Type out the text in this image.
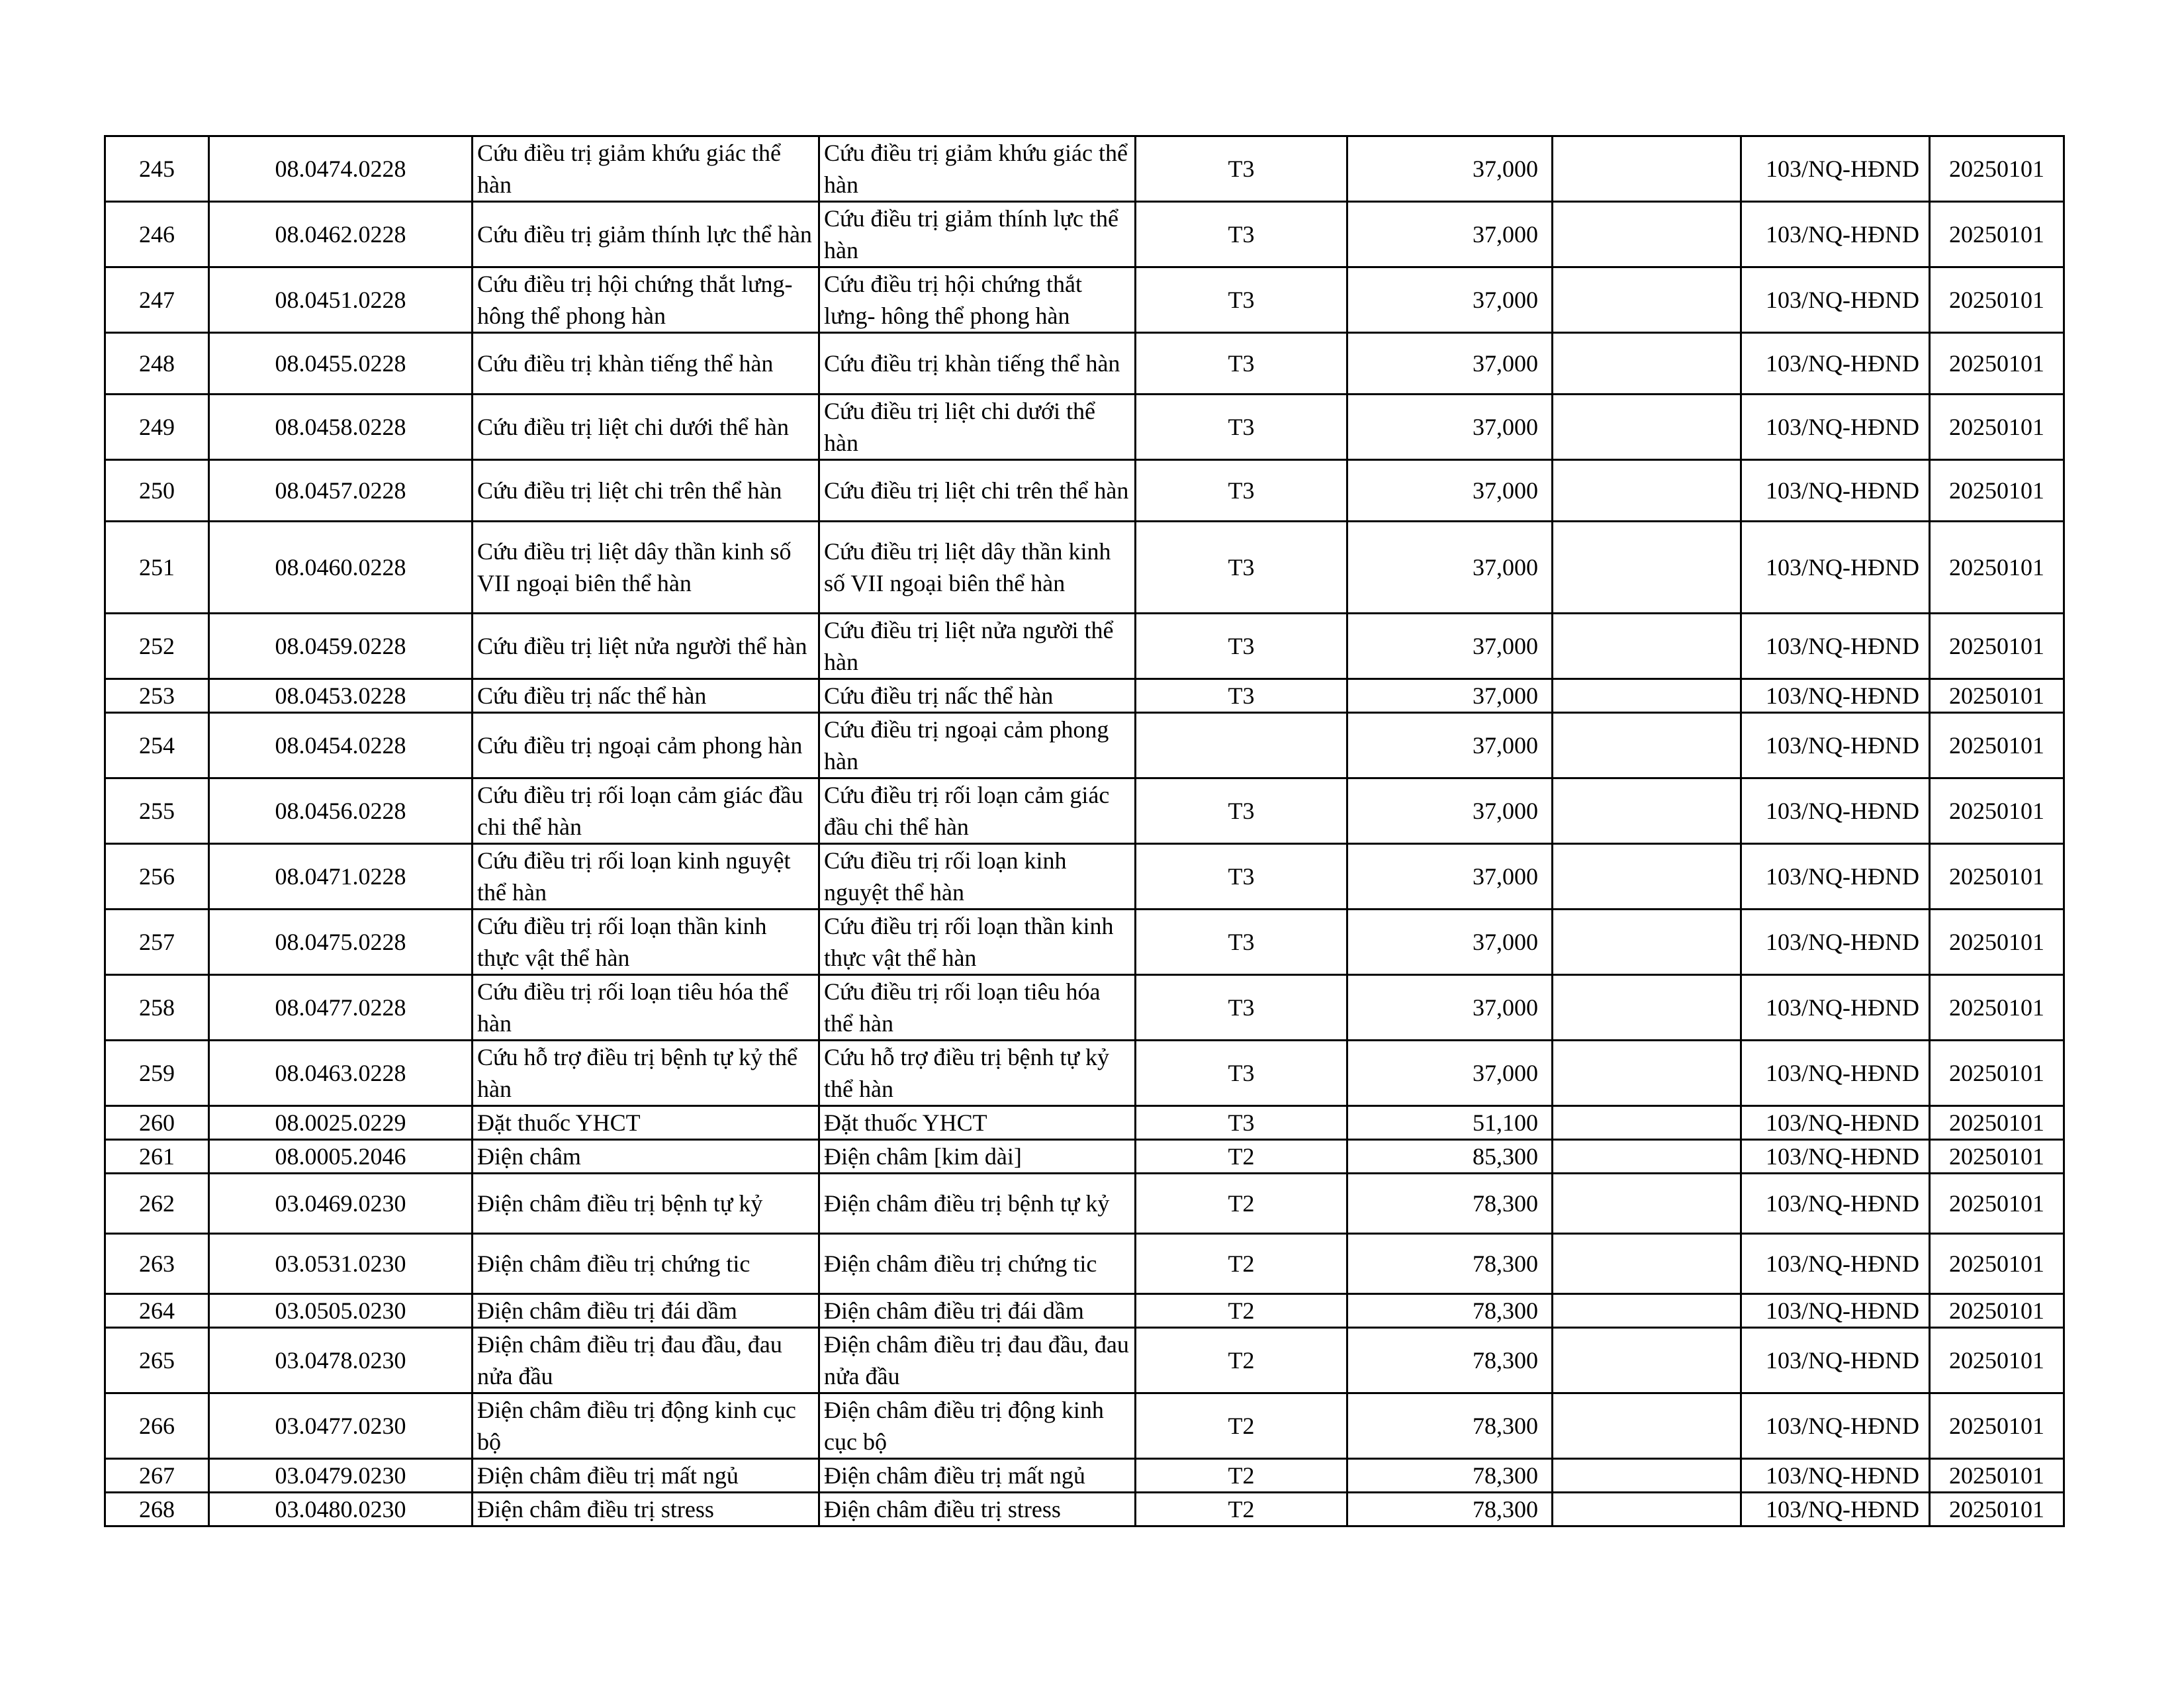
245	08.0474.0228	Cứu điều trị giảm khứu giác thể hàn	Cứu điều trị giảm khứu giác thể hàn	T3	37,000		103/NQ-HĐND	20250101
246	08.0462.0228	Cứu điều trị giảm thính lực thể hàn	Cứu điều trị giảm thính lực thể hàn	T3	37,000		103/NQ-HĐND	20250101
247	08.0451.0228	Cứu điều trị hội chứng thắt lưng- hông thể phong hàn	Cứu điều trị hội chứng thắt lưng- hông thể phong hàn	T3	37,000		103/NQ-HĐND	20250101
248	08.0455.0228	Cứu điều trị khàn tiếng thể hàn	Cứu điều trị khàn tiếng thể hàn	T3	37,000		103/NQ-HĐND	20250101
249	08.0458.0228	Cứu điều trị liệt chi dưới thể hàn	Cứu điều trị liệt chi dưới thể hàn	T3	37,000		103/NQ-HĐND	20250101
250	08.0457.0228	Cứu điều trị liệt chi trên thể hàn	Cứu điều trị liệt chi trên thể hàn	T3	37,000		103/NQ-HĐND	20250101
251	08.0460.0228	Cứu điều trị liệt dây thần kinh số VII ngoại biên thể hàn	Cứu điều trị liệt dây thần kinh số VII ngoại biên thể hàn	T3	37,000		103/NQ-HĐND	20250101
252	08.0459.0228	Cứu điều trị liệt nửa người thể hàn	Cứu điều trị liệt nửa người thể hàn	T3	37,000		103/NQ-HĐND	20250101
253	08.0453.0228	Cứu điều trị nấc thể hàn	Cứu điều trị nấc thể hàn	T3	37,000		103/NQ-HĐND	20250101
254	08.0454.0228	Cứu điều trị ngoại cảm phong hàn	Cứu điều trị ngoại cảm phong hàn		37,000		103/NQ-HĐND	20250101
255	08.0456.0228	Cứu điều trị rối loạn cảm giác đầu chi thể hàn	Cứu điều trị rối loạn cảm giác đầu chi thể hàn	T3	37,000		103/NQ-HĐND	20250101
256	08.0471.0228	Cứu điều trị rối loạn kinh nguyệt thể hàn	Cứu điều trị rối loạn kinh nguyệt thể hàn	T3	37,000		103/NQ-HĐND	20250101
257	08.0475.0228	Cứu điều trị rối loạn thần kinh thực vật thể hàn	Cứu điều trị rối loạn thần kinh thực vật thể hàn	T3	37,000		103/NQ-HĐND	20250101
258	08.0477.0228	Cứu điều trị rối loạn tiêu hóa thể hàn	Cứu điều trị rối loạn tiêu hóa thể hàn	T3	37,000		103/NQ-HĐND	20250101
259	08.0463.0228	Cứu hỗ trợ điều trị bệnh tự kỷ thể hàn	Cứu hỗ trợ điều trị bệnh tự kỷ thể hàn	T3	37,000		103/NQ-HĐND	20250101
260	08.0025.0229	Đặt thuốc YHCT	Đặt thuốc YHCT	T3	51,100		103/NQ-HĐND	20250101
261	08.0005.2046	Điện châm	Điện châm [kim dài]	T2	85,300		103/NQ-HĐND	20250101
262	03.0469.0230	Điện châm điều trị bệnh tự kỷ	Điện châm điều trị bệnh tự kỷ	T2	78,300		103/NQ-HĐND	20250101
263	03.0531.0230	Điện châm điều trị chứng tic	Điện châm điều trị chứng tic	T2	78,300		103/NQ-HĐND	20250101
264	03.0505.0230	Điện châm điều trị đái dầm	Điện châm điều trị đái dầm	T2	78,300		103/NQ-HĐND	20250101
265	03.0478.0230	Điện châm điều trị đau đầu, đau nửa đầu	Điện châm điều trị đau đầu, đau nửa đầu	T2	78,300		103/NQ-HĐND	20250101
266	03.0477.0230	Điện châm điều trị động kinh cục bộ	Điện châm điều trị động kinh cục bộ	T2	78,300		103/NQ-HĐND	20250101
267	03.0479.0230	Điện châm điều trị mất ngủ	Điện châm điều trị mất ngủ	T2	78,300		103/NQ-HĐND	20250101
268	03.0480.0230	Điện châm điều trị stress	Điện châm điều trị stress	T2	78,300		103/NQ-HĐND	20250101
